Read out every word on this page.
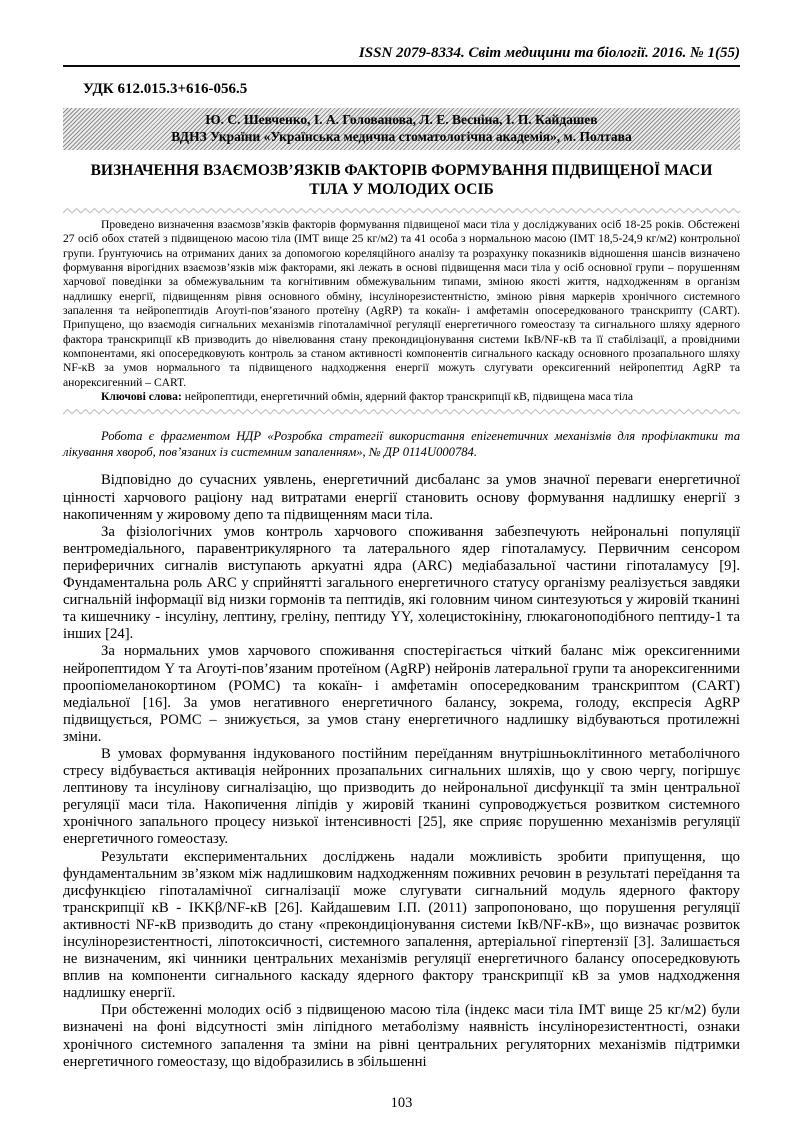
ISSN 2079-8334. Світ медицини та біології. 2016. № 1(55)
УДК 612.015.3+616-056.5
Ю. С. Шевченко, І. А. Голованова, Л. Е. Весніна, І. П. Кайдашев
ВДНЗ України «Українська медична стоматологічна академія», м. Полтава
ВИЗНАЧЕННЯ ВЗАЄМОЗВ’ЯЗКІВ ФАКТОРІВ ФОРМУВАННЯ ПІДВИЩЕНОЇ МАСИ ТІЛА У МОЛОДИХ ОСІБ

Проведено визначення взаємозв’язків факторів формування підвищеної маси тіла у досліджуваних осіб 18-25 років. Обстежені 27 осіб обох статей з підвищеною масою тіла (ІМТ вище 25 кг/м2) та 41 особа з нормальною масою (ІМТ 18,5-24,9 кг/м2) контрольної групи. Ґрунтуючись на отриманих даних за допомогою кореляційного аналізу та розрахунку показників відношення шансів визначено формування вірогідних взаємозв’язків між факторами, які лежать в основі підвищення маси тіла у осіб основної групи – порушенням харчової поведінки за обмежувальним та когнітивним обмежувальним типами, зміною якості життя, надходженням в організм надлишку енергії, підвищенням рівня основного обміну, інсулінорезистентністю, зміною рівня маркерів хронічного системного запалення та нейропептидів Агоуті-пов’язаного протеїну (AgRP) та кокаїн- і амфетамін опосередкованого транскрипту (CART). Припущено, що взаємодія сигнальних механізмів гіпоталамічної регуляції енергетичного гомеостазу та сигнального шляху ядерного фактора транскрипції кВ призводить до нівелювання стану прекондиціонування системи ІкВ/NF-кВ та її стабілізації, а провідними компонентами, які опосередковують контроль за станом активності компонентів сигнального каскаду основного прозапального шляху NF-кВ за умов нормального та підвищеного надходження енергії можуть слугувати орексигенний нейропептид AgRP та анорексигенний – CART.

Ключові слова: нейропептиди, енергетичний обмін, ядерний фактор транскрипції кВ, підвищена маса тіла

Робота є фрагментом НДР «Розробка стратегії використання епігенетичних механізмів для профілактики та лікування хвороб, пов’язаних із системним запаленням», № ДР 0114U000784.

Відповідно до сучасних уявлень, енергетичний дисбаланс за умов значної переваги енергетичної цінності харчового раціону над витратами енергії становить основу формування надлишку енергії з накопиченням у жировому депо та підвищенням маси тіла.

За фізіологічних умов контроль харчового споживання забезпечують нейрональні популяції вентромедіального, паравентрикулярного та латерального ядер гіпоталамусу. Первичним сенсором периферичних сигналів виступають аркуатні ядра (ARC) медіабазальної частини гіпоталамусу [9]. Фундаментальна роль ARC у сприйнятті загального енергетичного статусу організму реалізується завдяки сигнальній інформації від низки гормонів та пептидів, які головним чином синтезуються у жировій тканині та кишечнику - інсуліну, лептину, греліну, пептиду YY, холецистокініну, глюкагоноподібного пептиду-1 та інших [24].

За нормальних умов харчового споживання спостерігається чіткий баланс між орексигенними нейропептидом Y та Агоуті-пов’язаним протеїном (AgRP) нейронів латеральної групи та анорексигенними проопіомеланокортином (РОМС) та кокаїн- і амфетамін опосередкованим транскриптом (CART) медіальної [16]. За умов негативного енергетичного балансу, зокрема, голоду, експресія AgRP підвищується, РОМС – знижується, за умов стану енергетичного надлишку відбуваються протилежні зміни.

В умовах формування індукованого постійним переїданням внутрішньоклітинного метаболічного стресу відбувається активація нейронних прозапальних сигнальних шляхів, що у свою чергу, погіршує лептинову та інсулінову сигналізацію, що призводить до нейрональної дисфункції та змін центральної регуляції маси тіла. Накопичення ліпідів у жировій тканині супроводжується розвитком системного хронічного запального процесу низької інтенсивності [25], яке сприяє порушенню механізмів регуляції енергетичного гомеостазу.

Результати експериментальних досліджень надали можливість зробити припущення, що фундаментальним зв’язком між надлишковим надходженням поживних речовин в результаті переїдання та дисфункцією гіпоталамічної сигналізації може слугувати сигнальний модуль ядерного фактору транскрипції кВ - IKKβ/NF-кВ [26]. Кайдашевим І.П. (2011) запропоновано, що порушення регуляції активності NF-кВ призводить до стану «прекондиціонування системи ІкВ/NF-кВ», що визначає розвиток інсулінорезистентності, ліпотоксичності, системного запалення, артеріальної гіпертензії [3]. Залишається не визначеним, які чинники центральних механізмів регуляції енергетичного балансу опосередковують вплив на компоненти сигнального каскаду ядерного фактору транскрипції кВ за умов надходження надлишку енергії.

При обстеженні молодих осіб з підвищеною масою тіла (індекс маси тіла ІМТ вище 25 кг/м2) були визначені на фоні відсутності змін ліпідного метаболізму наявність інсулінорезистентності, ознаки хронічного системного запалення та зміни на рівні центральних регуляторних механізмів підтримки енергетичного гомеостазу, що відобразились в збільшенні

103
